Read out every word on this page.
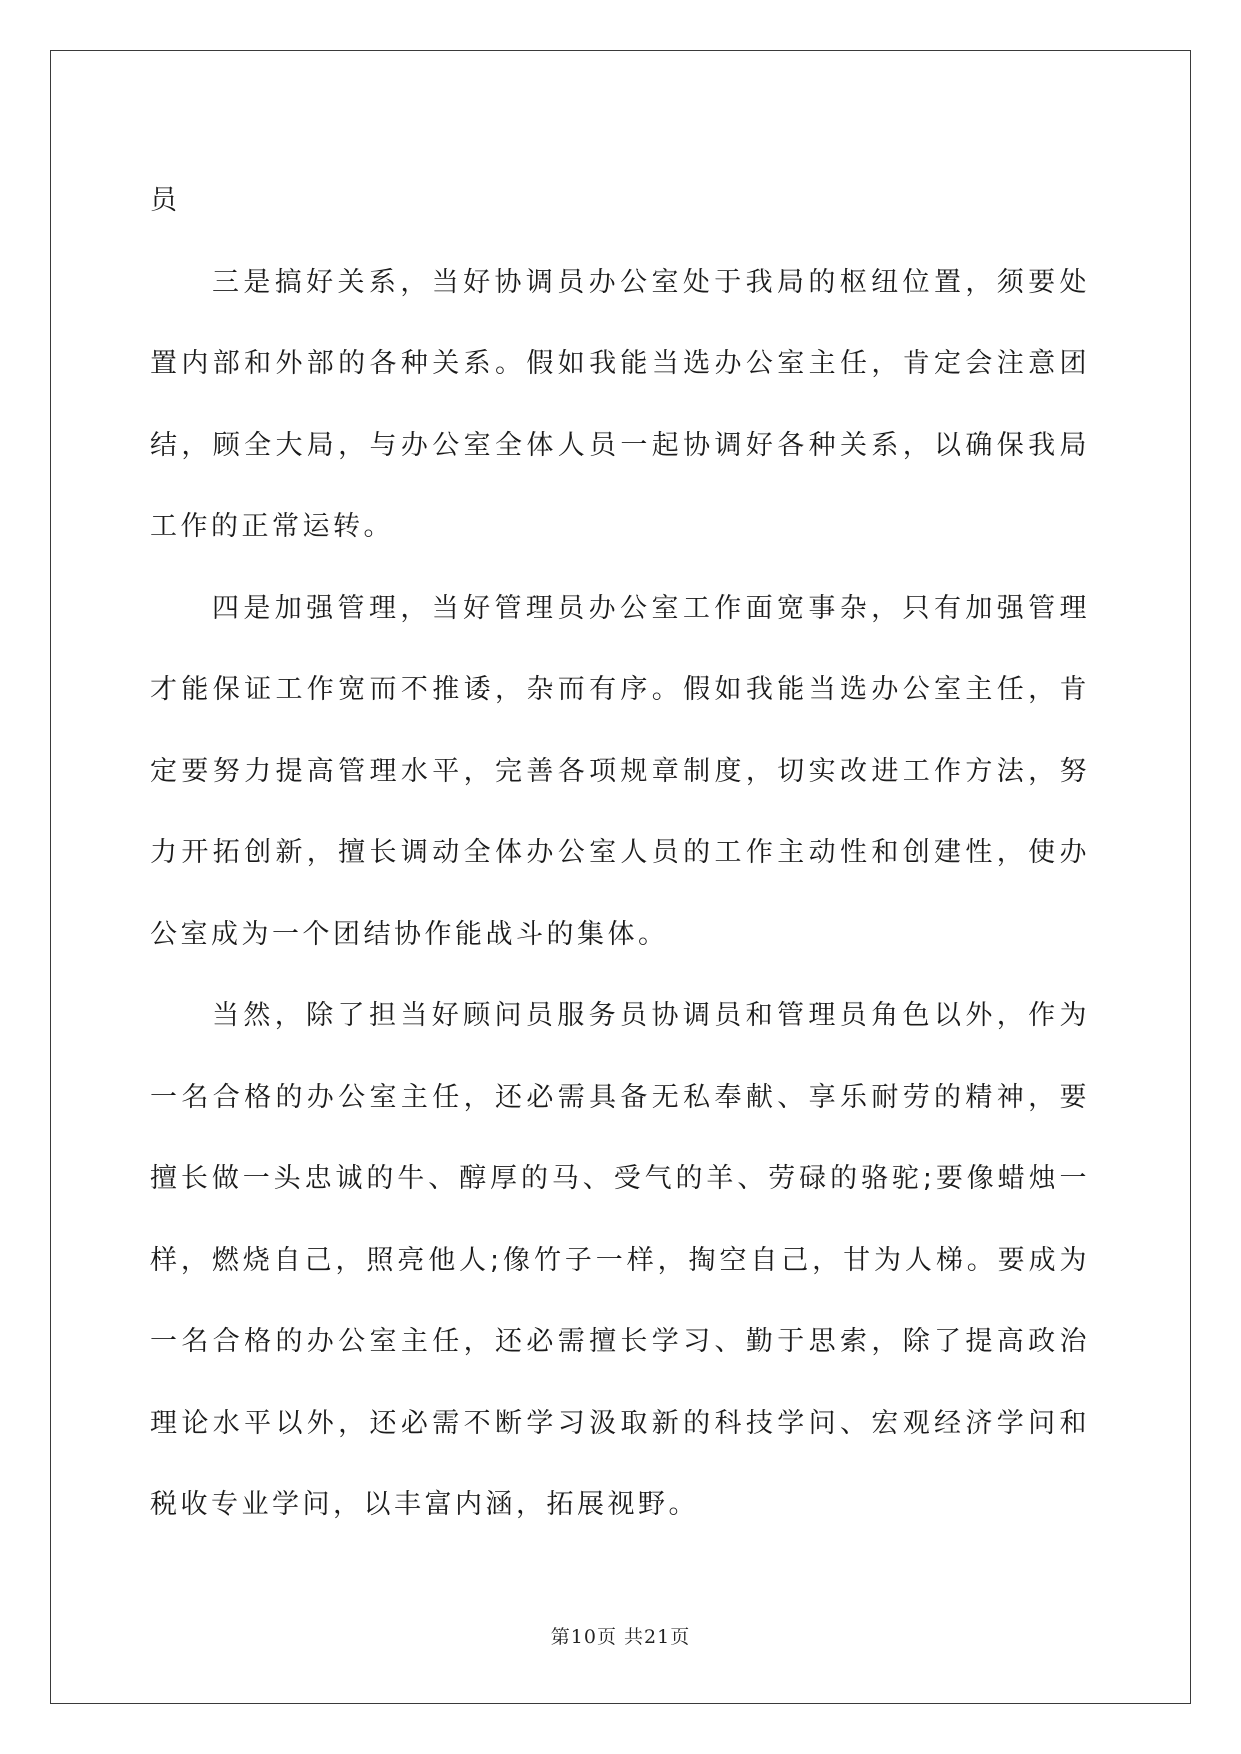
员

三是搞好关系，当好协调员办公室处于我局的枢纽位置，须要处置内部和外部的各种关系。假如我能当选办公室主任，肯定会注意团结，顾全大局，与办公室全体人员一起协调好各种关系，以确保我局工作的正常运转。

四是加强管理，当好管理员办公室工作面宽事杂，只有加强管理才能保证工作宽而不推诿，杂而有序。假如我能当选办公室主任，肯定要努力提高管理水平，完善各项规章制度，切实改进工作方法，努力开拓创新，擅长调动全体办公室人员的工作主动性和创建性，使办公室成为一个团结协作能战斗的集体。

当然，除了担当好顾问员服务员协调员和管理员角色以外，作为一名合格的办公室主任，还必需具备无私奉献、享乐耐劳的精神，要擅长做一头忠诚的牛、醇厚的马、受气的羊、劳碌的骆驼;要像蜡烛一样，燃烧自己，照亮他人;像竹子一样，掏空自己，甘为人梯。要成为一名合格的办公室主任，还必需擅长学习、勤于思索，除了提高政治理论水平以外，还必需不断学习汲取新的科技学问、宏观经济学问和税收专业学问，以丰富内涵，拓展视野。

第10页 共21页
